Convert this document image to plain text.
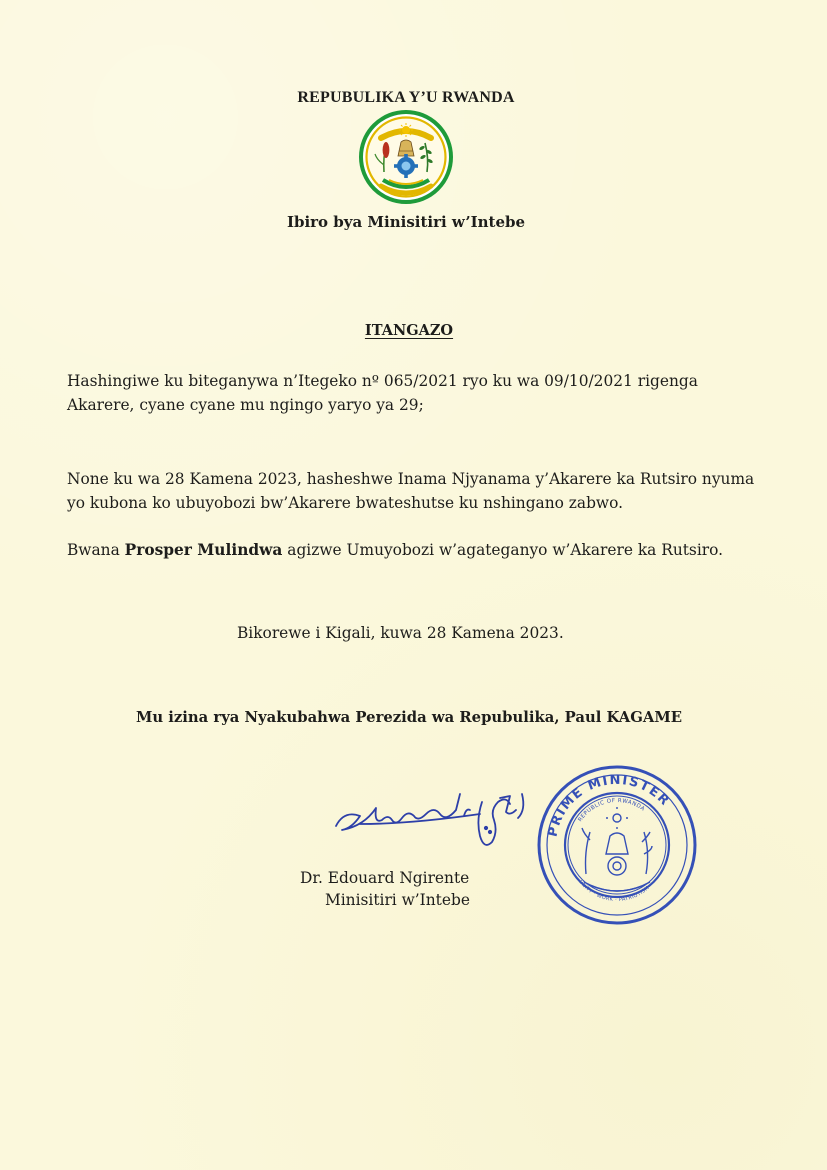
REPUBULIKA Y’U RWANDA
Ibiro bya Minisitiri w’Intebe
ITANGAZO
Hashingiwe ku biteganywa n’Itegeko nº 065/2021 ryo ku wa 09/10/2021 rigenga Akarere, cyane cyane mu ngingo yaryo ya 29;
None ku wa 28 Kamena 2023, hasheshwe Inama Njyanama y’Akarere ka Rutsiro nyuma yo kubona ko ubuyobozi bw’Akarere bwateshutse ku nshingano zabwo.
Bwana Prosper Mulindwa agizwe Umuyobozi w’agateganyo w’Akarere ka Rutsiro.
Bikorewe i Kigali, kuwa 28 Kamena 2023.
Mu izina rya Nyakubahwa Perezida wa Repubulika, Paul KAGAME
PRIME MINISTER
REPUBLIC OF RWANDA
UNITY · WORK · PATRIOTISM
Dr. Edouard Ngirente
Minisitiri w’Intebe
